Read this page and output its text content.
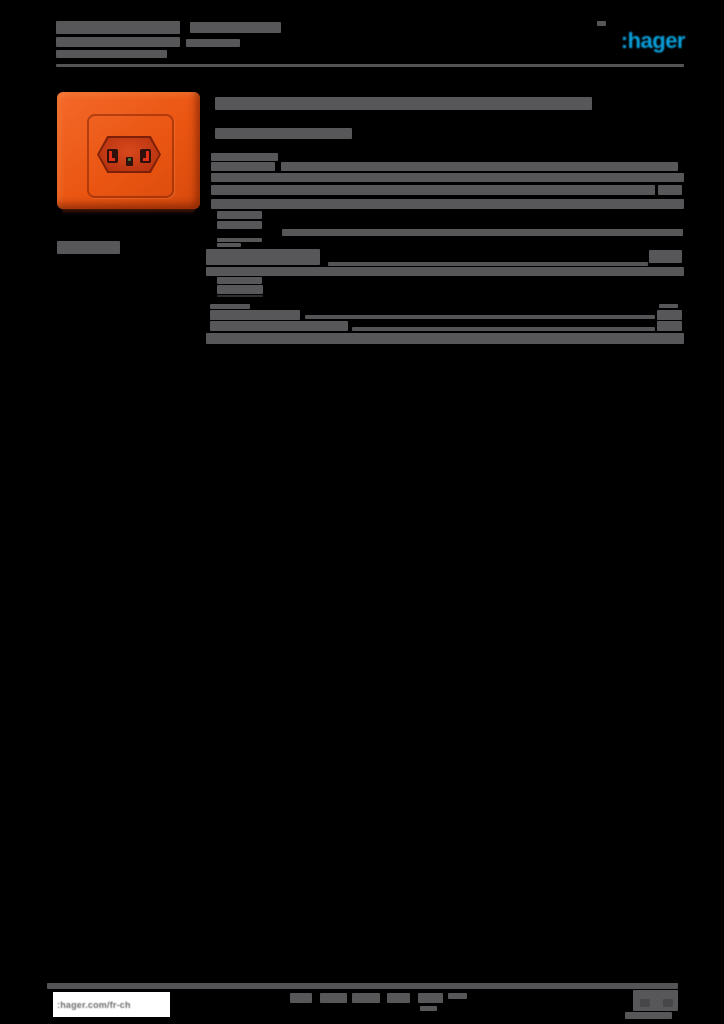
:hager
:hager.com/fr-ch
